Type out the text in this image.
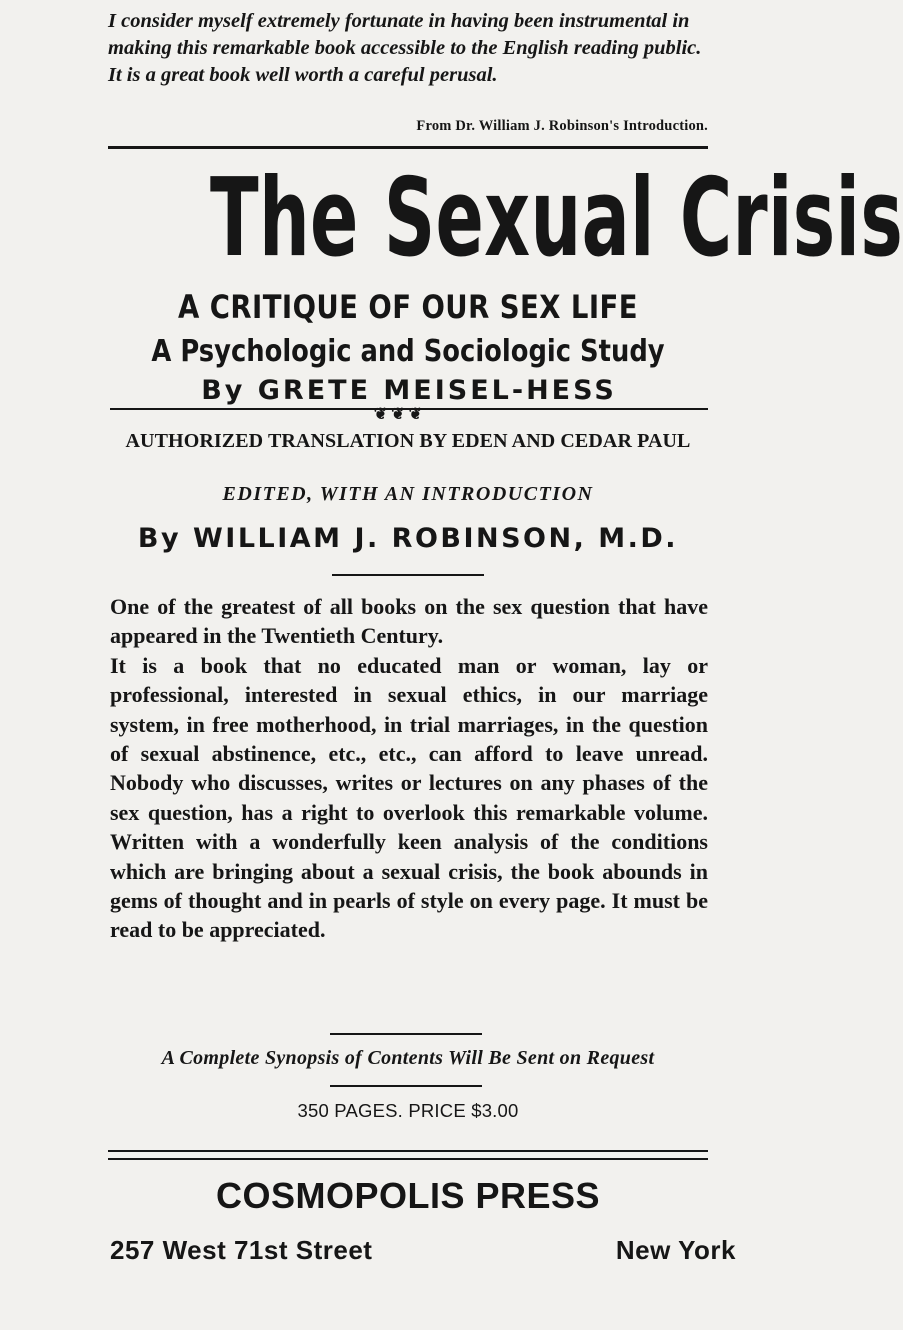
I consider myself extremely fortunate in having been instrumental in making this remarkable book accessible to the English reading public. It is a great book well worth a careful perusal.

From Dr. William J. Robinson's Introduction.
The Sexual Crisis
A CRITIQUE OF OUR SEX LIFE
A Psychologic and Sociologic Study
By GRETE MEISEL-HESS
❦❦❦
AUTHORIZED TRANSLATION BY EDEN AND CEDAR PAUL
EDITED, WITH AN INTRODUCTION
By WILLIAM J. ROBINSON, M.D.

One of the greatest of all books on the sex question that have appeared in the Twentieth Century.

It is a book that no educated man or woman, lay or professional, interested in sexual ethics, in our marriage system, in free motherhood, in trial marriages, in the question of sexual abstinence, etc., etc., can afford to leave unread. Nobody who discusses, writes or lectures on any phases of the sex question, has a right to overlook this remarkable volume. Written with a wonderfully keen analysis of the conditions which are bringing about a sexual crisis, the book abounds in gems of thought and in pearls of style on every page. It must be read to be appreciated.

A Complete Synopsis of Contents Will Be Sent on Request
350 PAGES. PRICE $3.00
COSMOPOLIS PRESS
257 West 71st Street	New York
